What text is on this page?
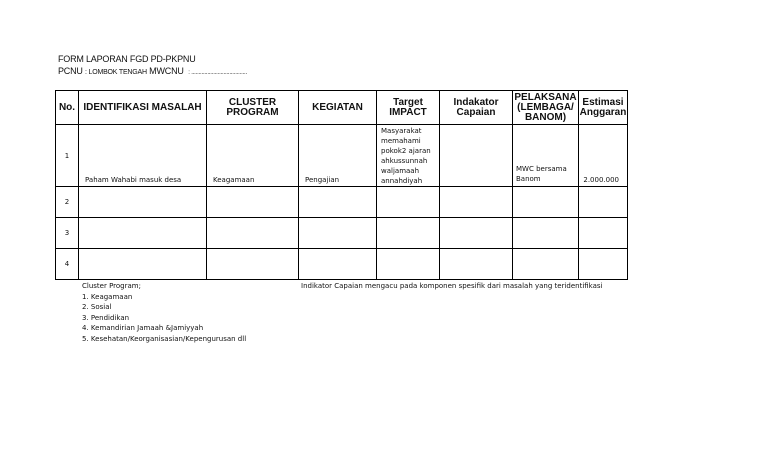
FORM LAPORAN FGD PD-PKPNU
PCNU : LOMBOK TENGAH MWCNU : ......................................
No.	IDENTIFIKASI MASALAH	CLUSTER PROGRAM	KEGIATAN	Target IMPACT	Indakator Capaian	PELAKSANA (LEMBAGA/ BANOM)	Estimasi Anggaran
1	Paham Wahabi masuk desa	Keagamaan	Pengajian	Masyarakat memahami pokok2 ajaran ahkussunnah waljamaah annahdiyah		MWC bersama Banom	2.000.000

2							
3							
4							
Cluster Program;
1. Keagamaan
2. Sosial
3. Pendidikan
4. Kemandirian Jamaah &Jamiyyah
5. Kesehatan/Keorganisasian/Kepengurusan dll
Indikator Capaian mengacu pada komponen spesifik dari masalah yang teridentifikasi
